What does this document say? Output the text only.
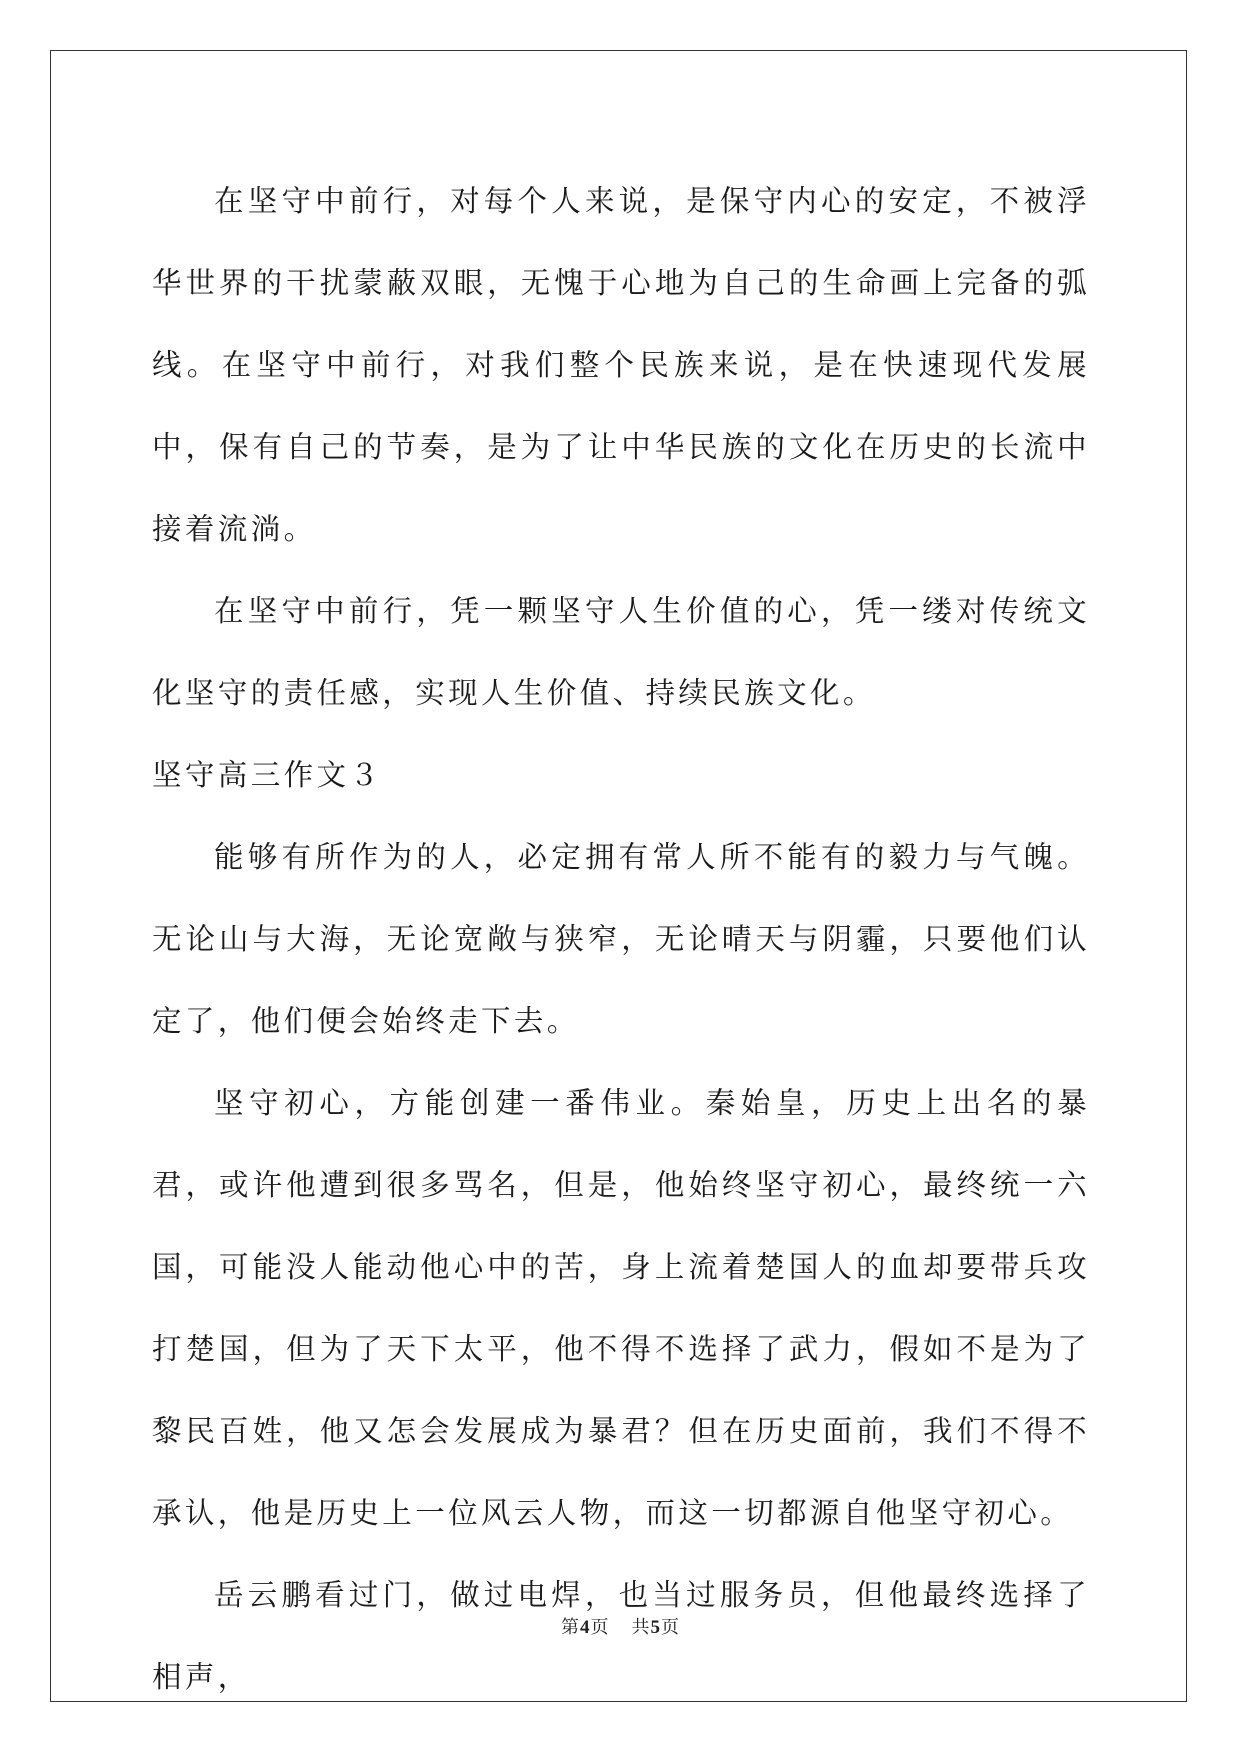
在坚守中前行，对每个人来说，是保守内心的安定，不被浮华世界的干扰蒙蔽双眼，无愧于心地为自己的生命画上完备的弧线。在坚守中前行，对我们整个民族来说，是在快速现代发展中，保有自己的节奏，是为了让中华民族的文化在历史的长流中接着流淌。

在坚守中前行，凭一颗坚守人生价值的心，凭一缕对传统文化坚守的责任感，实现人生价值、持续民族文化。

坚守高三作文３

能够有所作为的人，必定拥有常人所不能有的毅力与气魄。无论山与大海，无论宽敞与狭窄，无论晴天与阴霾，只要他们认定了，他们便会始终走下去。

坚守初心，方能创建一番伟业。秦始皇，历史上出名的暴君，或许他遭到很多骂名，但是，他始终坚守初心，最终统一六国，可能没人能动他心中的苦，身上流着楚国人的血却要带兵攻打楚国，但为了天下太平，他不得不选择了武力，假如不是为了黎民百姓，他又怎会发展成为暴君？但在历史面前，我们不得不承认，他是历史上一位风云人物，而这一切都源自他坚守初心。

岳云鹏看过门，做过电焊，也当过服务员，但他最终选择了相声，

第4页 共5页
